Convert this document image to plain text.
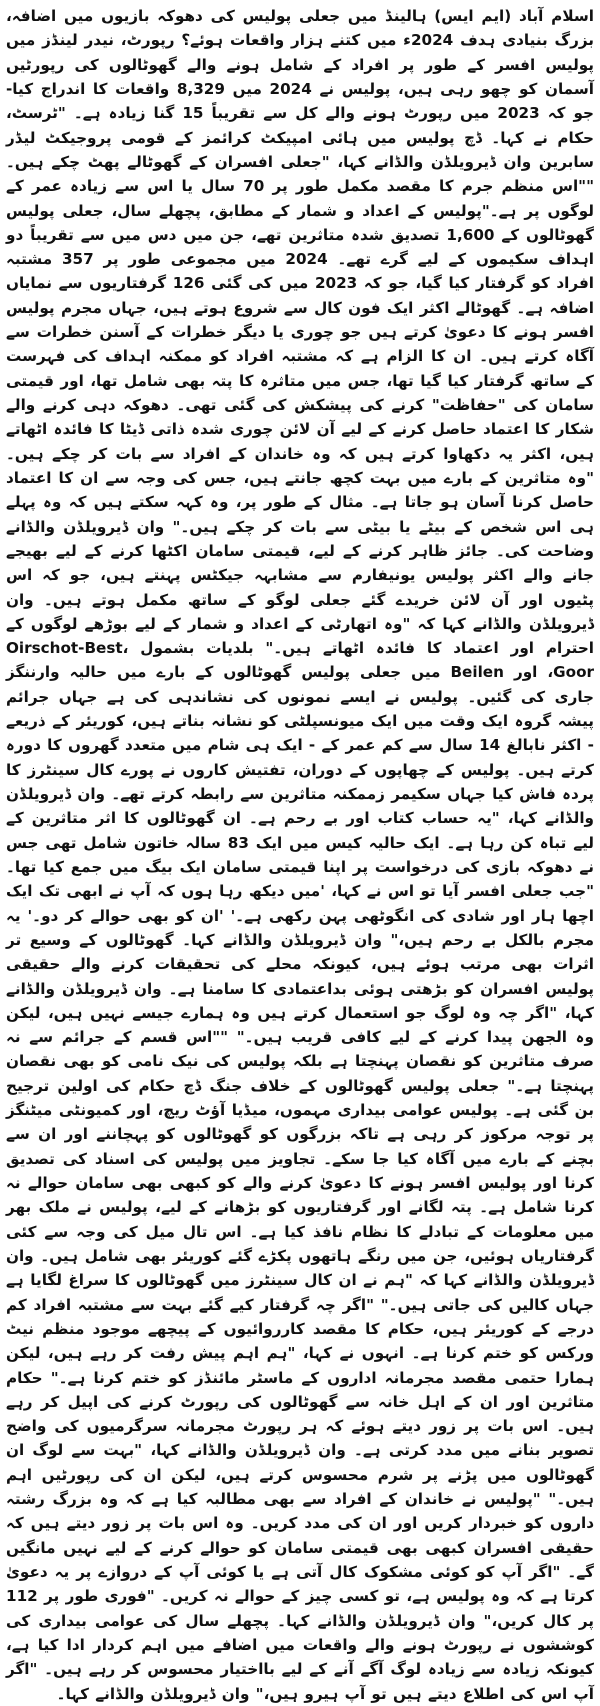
اسلام آباد (ایم ایس) ہالینڈ میں جعلی پولیس کی دھوکہ بازیوں میں اضافہ، بزرگ بنیادی ہدف 2024ء میں کتنے ہزار واقعات ہوئے؟ رپورٹ، نیدر لینڈز میں پولیس افسر کے طور پر افراد کے شامل ہونے والے گھوٹالوں کی رپورٹیں آسمان کو چھو رہی ہیں، پولیس نے 2024 میں 8,329 واقعات کا اندراج کیا- جو کہ 2023 میں رپورٹ ہونے والے کل سے تقریباً 15 گنا زیادہ ہے۔ "ٹرسٹ، حکام نے کہا۔ ڈچ پولیس میں ہائی امپیکٹ کرائمز کے قومی پروجیکٹ لیڈر سابرین وان ڈیرویلڈن والڈانے کہا، "جعلی افسران کے گھوٹالے پھٹ چکے ہیں۔ ""اس منظم جرم کا مقصد مکمل طور پر 70 سال یا اس سے زیادہ عمر کے لوگوں پر ہے۔"پولیس کے اعداد و شمار کے مطابق، پچھلے سال، جعلی پولیس گھوٹالوں کے 1,600 تصدیق شدہ متاثرین تھے، جن میں دس میں سے تقریباً دو اہداف سکیموں کے لیے گرے تھے۔ 2024 میں مجموعی طور پر 357 مشتبہ افراد کو گرفتار کیا گیا، جو کہ 2023 میں کی گئی 126 گرفتاریوں سے نمایاں اضافہ ہے۔ گھوٹالے اکثر ایک فون کال سے شروع ہوتے ہیں، جہاں مجرم پولیس افسر ہونے کا دعویٰ کرتے ہیں جو چوری یا دیگر خطرات کے آسنن خطرات سے آگاہ کرتے ہیں۔ ان کا الزام ہے کہ مشتبہ افراد کو ممکنہ اہداف کی فہرست کے ساتھ گرفتار کیا گیا تھا، جس میں متاثرہ کا پتہ بھی شامل تھا، اور قیمتی سامان کی "حفاظت" کرنے کی پیشکش کی گئی تھی۔ دھوکہ دہی کرنے والے شکار کا اعتماد حاصل کرنے کے لیے آن لائن چوری شدہ ذاتی ڈیٹا کا فائدہ اٹھاتے ہیں، اکثر یہ دکھاوا کرتے ہیں کہ وہ خاندان کے افراد سے بات کر چکے ہیں۔ "وہ متاثرین کے بارے میں بہت کچھ جانتے ہیں، جس کی وجہ سے ان کا اعتماد حاصل کرنا آسان ہو جاتا ہے۔ مثال کے طور پر، وہ کہہ سکتے ہیں کہ وہ پہلے ہی اس شخص کے بیٹے یا بیٹی سے بات کر چکے ہیں۔" وان ڈیرویلڈن والڈانے وضاحت کی۔ جائز ظاہر کرنے کے لیے، قیمتی سامان اکٹھا کرنے کے لیے بھیجے جانے والے اکثر پولیس یونیفارم سے مشابہہ جیکٹس پہنتے ہیں، جو کہ اس پٹیوں اور آن لائن خریدے گئے جعلی لوگو کے ساتھ مکمل ہوتے ہیں۔ وان ڈیرویلڈن والڈانے کہا کہ "وہ اتھارٹی کے اعداد و شمار کے لیے بوڑھے لوگوں کے احترام اور اعتماد کا فائدہ اٹھاتے ہیں۔" بلدیات بشمول Oirschot-Best، Goor، اور Beilen میں جعلی پولیس گھوٹالوں کے بارے میں حالیہ وارننگز جاری کی گئیں۔ پولیس نے ایسے نمونوں کی نشاندہی کی ہے جہاں جرائم پیشہ گروہ ایک وقت میں ایک میونسپلٹی کو نشانہ بناتے ہیں، کوریئر کے ذریعے - اکثر نابالغ 14 سال سے کم عمر کے - ایک ہی شام میں متعدد گھروں کا دورہ کرتے ہیں۔ پولیس کے چھاپوں کے دوران، تفتیش کاروں نے پورے کال سینٹرز کا پردہ فاش کیا جہاں سکیمر زممکنہ متاثرین سے رابطہ کرتے تھے۔ وان ڈیرویلڈن والڈانے کہا، "یہ حساب کتاب اور بے رحم ہے۔ ان گھوٹالوں کا اثر متاثرین کے لیے تباہ کن رہا ہے۔ ایک حالیہ کیس میں ایک 83 سالہ خاتون شامل تھی جس نے دھوکہ بازی کی درخواست پر اپنا قیمتی سامان ایک بیگ میں جمع کیا تھا۔ "جب جعلی افسر آیا تو اس نے کہا، 'میں دیکھ رہا ہوں کہ آپ نے ابھی تک ایک اچھا ہار اور شادی کی انگوٹھی پہن رکھی ہے۔' 'ان کو بھی حوالے کر دو۔' یہ مجرم بالکل بے رحم ہیں،" وان ڈیرویلڈن والڈانے کہا۔ گھوٹالوں کے وسیع تر اثرات بھی مرتب ہوئے ہیں، کیونکہ محلے کی تحقیقات کرنے والے حقیقی پولیس افسران کو بڑھتی ہوئی بداعتمادی کا سامنا ہے۔ وان ڈیرویلڈن والڈانے کہا، "اگر چہ وہ لوگ جو استعمال کرتے ہیں وہ ہمارے جیسے نہیں ہیں، لیکن وہ الجھن پیدا کرنے کے لیے کافی قریب ہیں۔" ""اس قسم کے جرائم سے نہ صرف متاثرین کو نقصان پہنچتا ہے بلکہ پولیس کی نیک نامی کو بھی نقصان پہنچتا ہے۔" جعلی پولیس گھوٹالوں کے خلاف جنگ ڈچ حکام کی اولین ترجیح بن گئی ہے۔ پولیس عوامی بیداری مہموں، میڈیا آؤٹ ریچ، اور کمیونٹی میٹنگز پر توجہ مرکوز کر رہی ہے تاکہ بزرگوں کو گھوٹالوں کو پہچاننے اور ان سے بچنے کے بارے میں آگاہ کیا جا سکے۔ تجاویز میں پولیس کی اسناد کی تصدیق کرنا اور پولیس افسر ہونے کا دعویٰ کرنے والے کو کبھی بھی سامان حوالے نہ کرنا شامل ہے۔ پتہ لگانے اور گرفتاریوں کو بڑھانے کے لیے، پولیس نے ملک بھر میں معلومات کے تبادلے کا نظام نافذ کیا ہے۔ اس تال میل کی وجہ سے کئی گرفتاریاں ہوئیں، جن میں رنگے ہاتھوں پکڑے گئے کوریئر بھی شامل ہیں۔ وان ڈیرویلڈن والڈانے کہا کہ "ہم نے ان کال سینٹرز میں گھوٹالوں کا سراغ لگایا ہے جہاں کالیں کی جاتی ہیں۔" "اگر چہ گرفتار کیے گئے بہت سے مشتبہ افراد کم درجے کے کوریئر ہیں، حکام کا مقصد کارروائیوں کے پیچھے موجود منظم نیٹ ورکس کو ختم کرنا ہے۔ انہوں نے کہا، "ہم اہم پیش رفت کر رہے ہیں، لیکن ہمارا حتمی مقصد مجرمانہ اداروں کے ماسٹر مائنڈز کو ختم کرنا ہے۔" حکام متاثرین اور ان کے اہل خانہ سے گھوٹالوں کی رپورٹ کرنے کی اپیل کر رہے ہیں۔ اس بات پر زور دیتے ہوئے کہ ہر رپورٹ مجرمانہ سرگرمیوں کی واضح تصویر بنانے میں مدد کرتی ہے۔ وان ڈیرویلڈن والڈانے کہا، "بہت سے لوگ ان گھوٹالوں میں پڑنے پر شرم محسوس کرتے ہیں، لیکن ان کی رپورٹیں اہم ہیں۔" "پولیس نے خاندان کے افراد سے بھی مطالبہ کیا ہے کہ وہ بزرگ رشتہ داروں کو خبردار کریں اور ان کی مدد کریں۔ وہ اس بات پر زور دیتے ہیں کہ حقیقی افسران کبھی بھی قیمتی سامان کو حوالے کرنے کے لیے نہیں مانگیں گے۔ "اگر آپ کو کوئی مشکوک کال آتی ہے یا کوئی آپ کے دروازے پر یہ دعویٰ کرتا ہے کہ وہ پولیس ہے، تو کسی چیز کے حوالے نہ کریں۔ "فوری طور پر 112 پر کال کریں،" وان ڈیرویلڈن والڈانے کہا۔ پچھلے سال کی عوامی بیداری کی کوششوں نے رپورٹ ہونے والے واقعات میں اضافے میں اہم کردار ادا کیا ہے، کیونکہ زیادہ سے زیادہ لوگ آگے آنے کے لیے بااختیار محسوس کر رہے ہیں۔ "اگر آپ اس کی اطلاع دیتے ہیں تو آپ ہیرو ہیں،" وان ڈیرویلڈن والڈانے کہا۔
